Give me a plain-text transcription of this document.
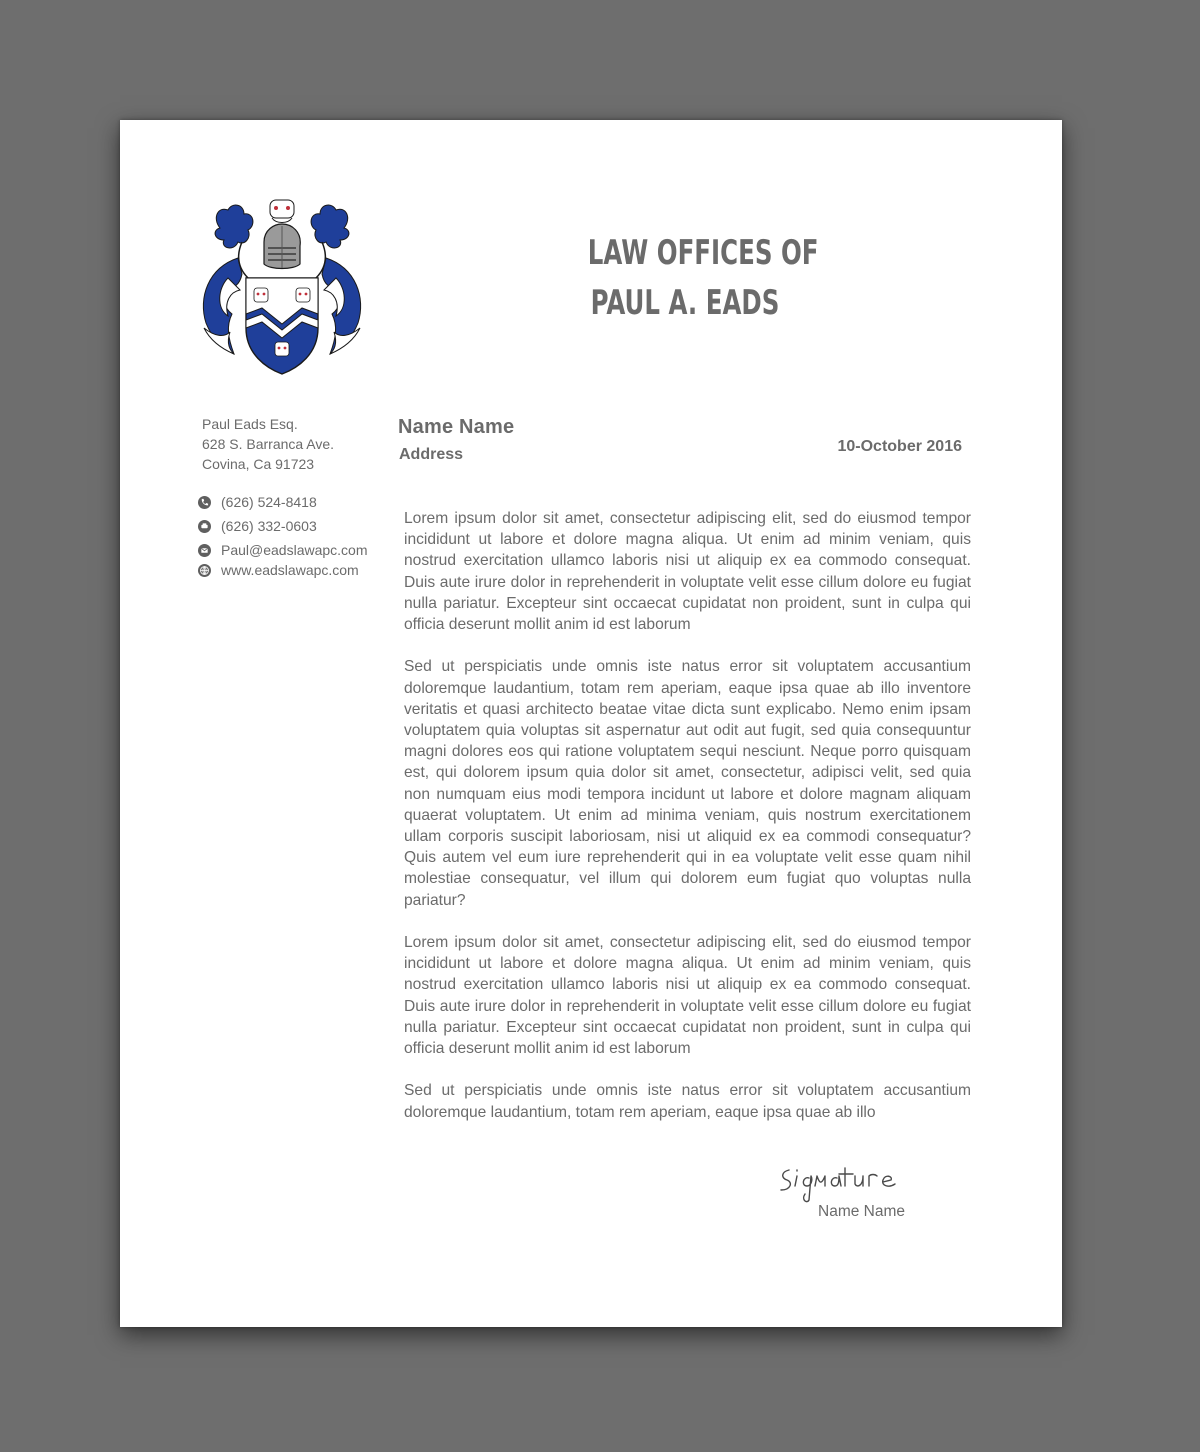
LAW OFFICES OF
PAUL A. EADS
Paul Eads Esq.
628 S. Barranca Ave.
Covina, Ca 91723
(626) 524-8418
(626) 332-0603
Paul@eadslawapc.com
www.eadslawapc.com
Name Name
Address	10-October 2016

Lorem ipsum dolor sit amet, consectetur adipiscing elit, sed do eiusmod tempor incididunt ut labore et dolore magna aliqua. Ut enim ad minim veniam, quis nostrud exercitation ullamco laboris nisi ut aliquip ex ea commodo consequat. Duis aute irure dolor in reprehenderit in voluptate velit esse cillum dolore eu fugiat nulla pariatur. Excepteur sint occaecat cupidatat non proident, sunt in culpa qui officia deserunt mollit anim id est laborum

Sed ut perspiciatis unde omnis iste natus error sit voluptatem accusantium doloremque laudantium, totam rem aperiam, eaque ipsa quae ab illo inventore veritatis et quasi architecto beatae vitae dicta sunt explicabo. Nemo enim ipsam voluptatem quia voluptas sit aspernatur aut odit aut fugit, sed quia consequuntur magni dolores eos qui ratione voluptatem sequi nesciunt. Neque porro quisquam est, qui dolorem ipsum quia dolor sit amet, consectetur, adipisci velit, sed quia non numquam eius modi tempora incidunt ut labore et dolore magnam aliquam quaerat voluptatem. Ut enim ad minima veniam, quis nostrum exercitationem ullam corporis suscipit laboriosam, nisi ut aliquid ex ea commodi consequatur? Quis autem vel eum iure reprehenderit qui in ea voluptate velit esse quam nihil molestiae consequatur, vel illum qui dolorem eum fugiat quo voluptas nulla pariatur?

Lorem ipsum dolor sit amet, consectetur adipiscing elit, sed do eiusmod tempor incididunt ut labore et dolore magna aliqua. Ut enim ad minim veniam, quis nostrud exercitation ullamco laboris nisi ut aliquip ex ea commodo consequat. Duis aute irure dolor in reprehenderit in voluptate velit esse cillum dolore eu fugiat nulla pariatur. Excepteur sint occaecat cupidatat non proident, sunt in culpa qui officia deserunt mollit anim id est laborum

Sed ut perspiciatis unde omnis iste natus error sit voluptatem accusantium doloremque laudantium, totam rem aperiam, eaque ipsa quae ab illo

Name Name
